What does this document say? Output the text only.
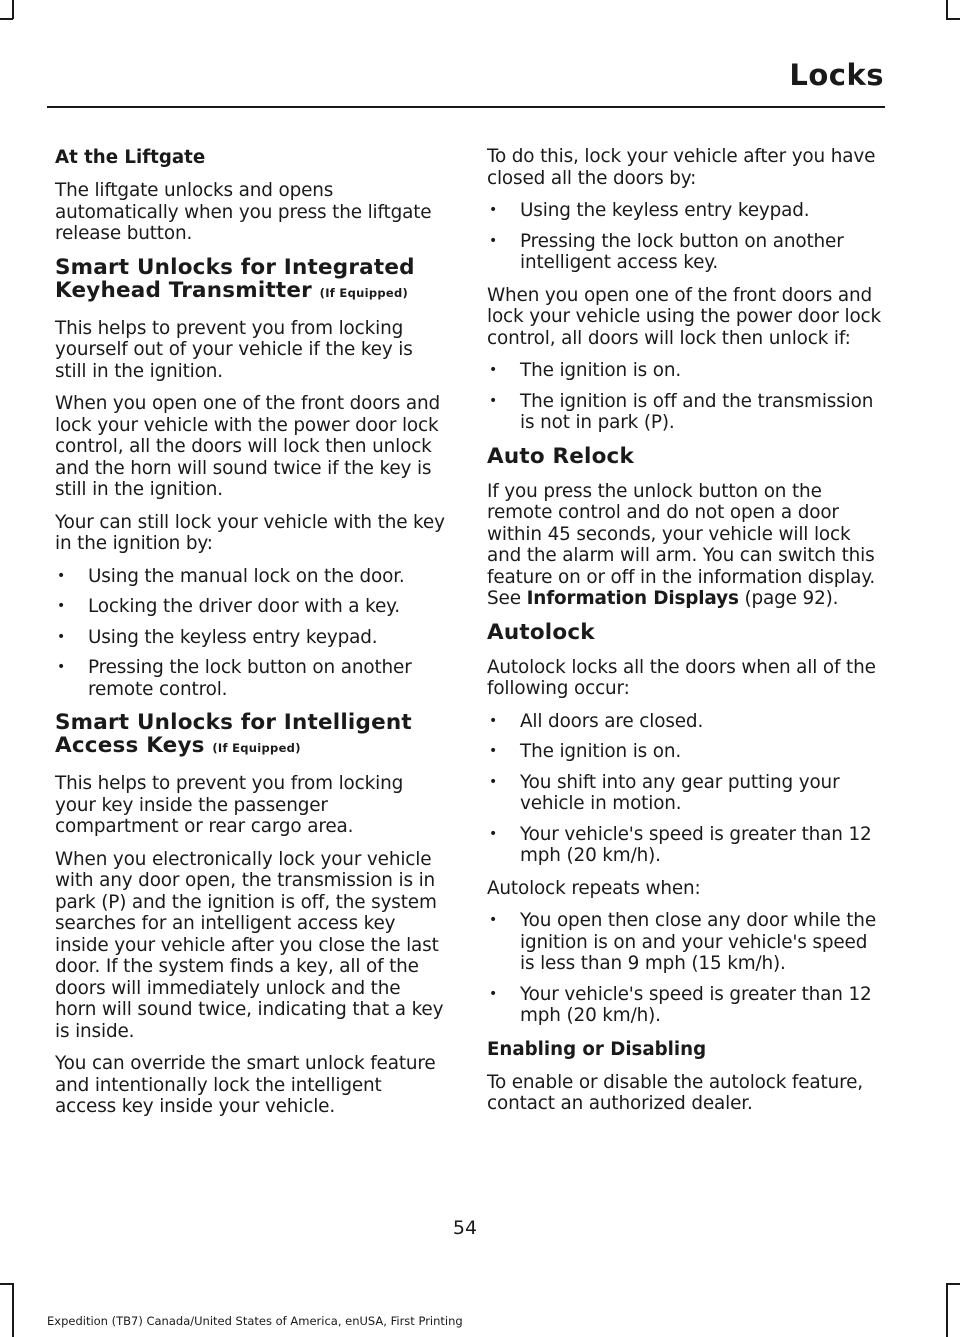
Locks
At the Liftgate

The liftgate unlocks and opens automatically when you press the liftgate release button.

Smart Unlocks for Integrated
Keyhead Transmitter (If Equipped)

This helps to prevent you from locking yourself out of your vehicle if the key is still in the ignition.

When you open one of the front doors and lock your vehicle with the power door lock control, all the doors will lock then unlock and the horn will sound twice if the key is still in the ignition.

Your can still lock your vehicle with the key in the ignition by:

• Using the manual lock on the door.
• Locking the driver door with a key.
• Using the keyless entry keypad.
• Pressing the lock button on another remote control.
Smart Unlocks for Intelligent
Access Keys (If Equipped)

This helps to prevent you from locking your key inside the passenger compartment or rear cargo area.

When you electronically lock your vehicle with any door open, the transmission is in park (P) and the ignition is off, the system searches for an intelligent access key inside your vehicle after you close the last door. If the system finds a key, all of the doors will immediately unlock and the horn will sound twice, indicating that a key is inside.

You can override the smart unlock feature and intentionally lock the intelligent access key inside your vehicle.

To do this, lock your vehicle after you have closed all the doors by:

• Using the keyless entry keypad.
• Pressing the lock button on another intelligent access key.

When you open one of the front doors and lock your vehicle using the power door lock control, all doors will lock then unlock if:

• The ignition is on.
• The ignition is off and the transmission is not in park (P).
Auto Relock

If you press the unlock button on the remote control and do not open a door within 45 seconds, your vehicle will lock and the alarm will arm. You can switch this feature on or off in the information display. See Information Displays (page 92).

Autolock

Autolock locks all the doors when all of the following occur:

• All doors are closed.
• The ignition is on.
• You shift into any gear putting your vehicle in motion.
• Your vehicle's speed is greater than 12 mph (20 km/h).

Autolock repeats when:

• You open then close any door while the ignition is on and your vehicle's speed is less than 9 mph (15 km/h).
• Your vehicle's speed is greater than 12 mph (20 km/h).
Enabling or Disabling

To enable or disable the autolock feature, contact an authorized dealer.

54
Expedition (TB7) Canada/United States of America, enUSA, First Printing
